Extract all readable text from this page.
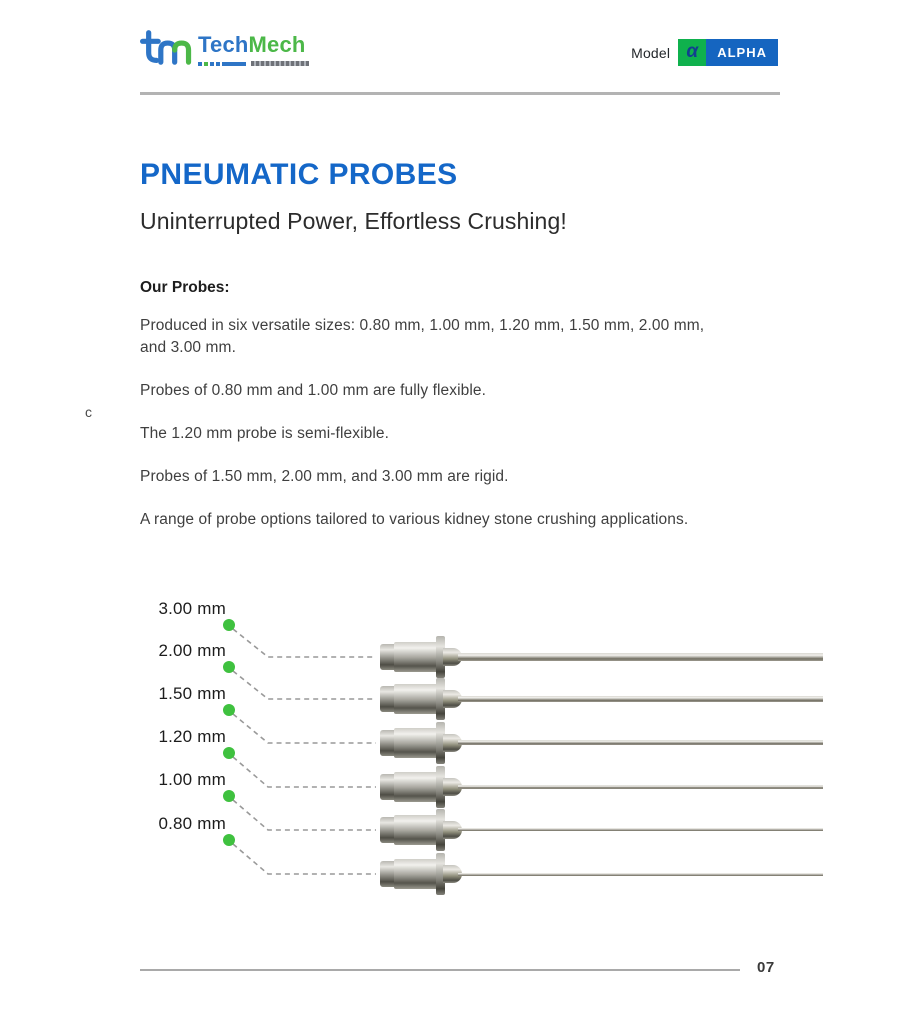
TechMech	Model α	ALPHA
PNEUMATIC PROBES
Uninterrupted Power, Effortless Crushing!
Our Probes:

Produced in six versatile sizes: 0.80 mm, 1.00 mm, 1.20 mm, 1.50 mm, 2.00 mm, and 3.00 mm.

Probes of 0.80 mm and 1.00 mm are fully flexible.

The 1.20 mm probe is semi-flexible.

Probes of 1.50 mm, 2.00 mm, and 3.00 mm are rigid.

A range of probe options tailored to various kidney stone crushing applications.

c
3.00 mm
2.00 mm
1.50 mm
1.20 mm
1.00 mm
0.80 mm
07
